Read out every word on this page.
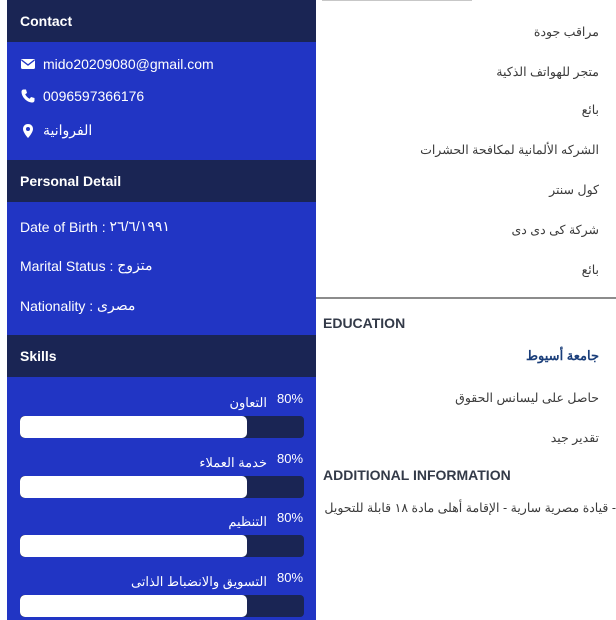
Contact
mido20209080@gmail.com
0096597366176
الفروانية
Personal Detail
Date of Birth : ٢٦/٦/١٩٩١
Marital Status : متزوج
Nationality : مصرى
Skills
التعاون 80%
خدمة العملاء 80%
التنظيم 80%
التسويق والانضباط الذاتى 80%
مراقب جودة
متجر للهواتف الذكية
بائع
الشركه الألمانية لمكافحة الحشرات
كول سنتر
شركة كى دى دى
بائع
EDUCATION
جامعة أسيوط
حاصل على ليسانس الحقوق
تقدير جيد
ADDITIONAL INFORMATION
- قيادة مصرية سارية - الإقامة أهلى مادة ١٨ قابلة للتحويل
